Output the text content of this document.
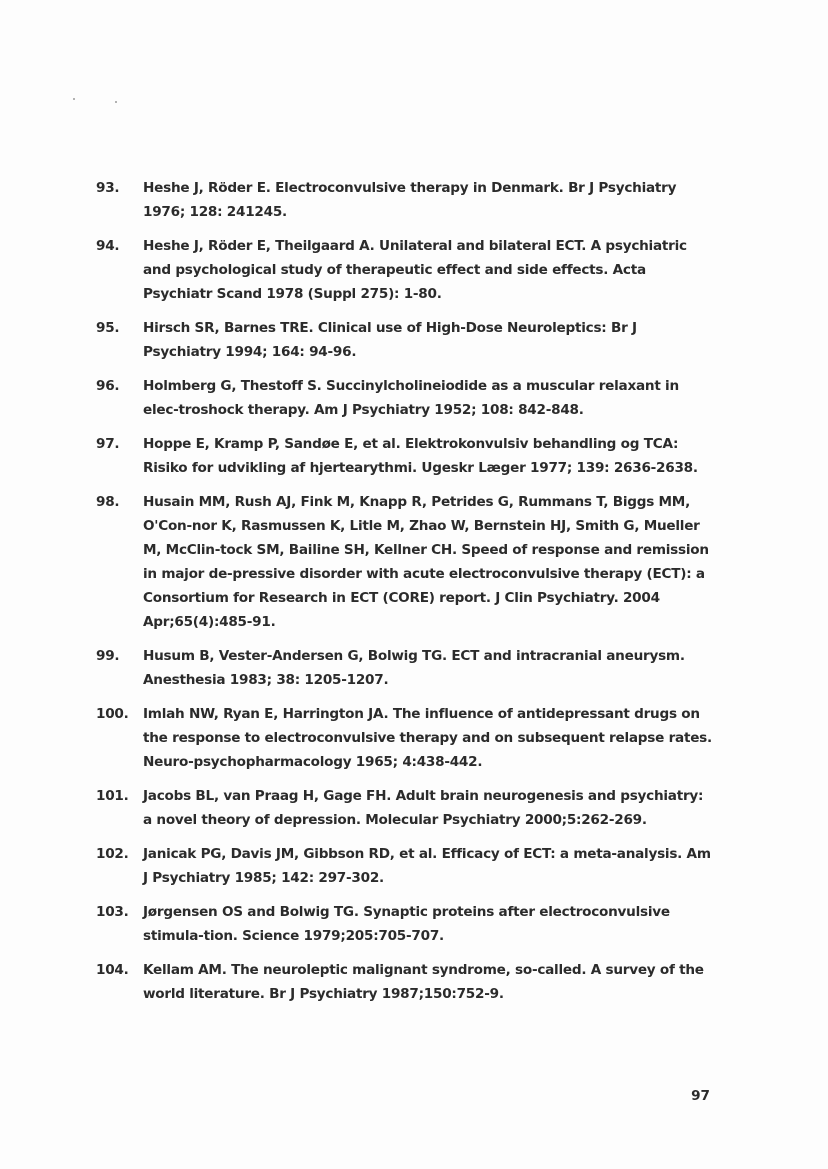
93.	Heshe J, Röder E. Electroconvulsive therapy in Denmark. Br J Psychiatry 1976; 128: 241245.
94.	Heshe J, Röder E, Theilgaard A. Unilateral and bilateral ECT. A psychiatric and psychological study of therapeutic effect and side effects. Acta Psychiatr Scand 1978 (Suppl 275): 1-80.
95.	Hirsch SR, Barnes TRE. Clinical use of High-Dose Neuroleptics: Br J Psychiatry 1994; 164: 94-96.
96.	Holmberg G, Thestoff S. Succinylcholineiodide as a muscular relaxant in elec-troshock therapy. Am J Psychiatry 1952; 108: 842-848.
97.	Hoppe E, Kramp P, Sandøe E, et al. Elektrokonvulsiv behandling og TCA: Risiko for udvikling af hjertearythmi. Ugeskr Læger 1977; 139: 2636-2638.
98.	Husain MM, Rush AJ, Fink M, Knapp R, Petrides G, Rummans T, Biggs MM, O'Con-nor K, Rasmussen K, Litle M, Zhao W, Bernstein HJ, Smith G, Mueller M, McClin-tock SM, Bailine SH, Kellner CH. Speed of response and remission in major de-pressive disorder with acute electroconvulsive therapy (ECT): a Consortium for Research in ECT (CORE) report. J Clin Psychiatry. 2004 Apr;65(4):485-91.
99.	Husum B, Vester-Andersen G, Bolwig TG. ECT and intracranial aneurysm. Anesthesia 1983; 38: 1205-1207.
100.	Imlah NW, Ryan E, Harrington JA. The influence of antidepressant drugs on the response to electroconvulsive therapy and on subsequent relapse rates. Neuro-psychopharmacology 1965; 4:438-442.
101.	Jacobs BL, van Praag H, Gage FH. Adult brain neurogenesis and psychiatry: a novel theory of depression. Molecular Psychiatry 2000;5:262-269.
102.	Janicak PG, Davis JM, Gibbson RD, et al. Efficacy of ECT: a meta-analysis. Am J Psychiatry 1985; 142: 297-302.
103.	Jørgensen OS and Bolwig TG. Synaptic proteins after electroconvulsive stimula-tion. Science 1979;205:705-707.
104.	Kellam AM. The neuroleptic malignant syndrome, so-called. A survey of the world literature. Br J Psychiatry 1987;150:752-9.
97
